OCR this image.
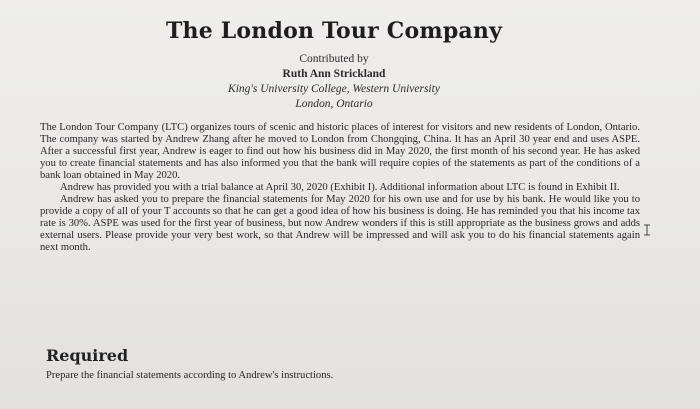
The London Tour Company
Contributed by
Ruth Ann Strickland
King's University College, Western University
London, Ontario

The London Tour Company (LTC) organizes tours of scenic and historic places of interest for visitors and new residents of London, Ontario. The company was started by Andrew Zhang after he moved to London from Chongqing, China. It has an April 30 year end and uses ASPE. After a successful first year, Andrew is eager to find out how his business did in May 2020, the first month of his second year. He has asked you to create financial statements and has also informed you that the bank will require copies of the statements as part of the conditions of a bank loan obtained in May 2020.

Andrew has provided you with a trial balance at April 30, 2020 (Exhibit I). Additional information about LTC is found in Exhibit II.

Andrew has asked you to prepare the financial statements for May 2020 for his own use and for use by his bank. He would like you to provide a copy of all of your T accounts so that he can get a good idea of how his business is doing. He has reminded you that his income tax rate is 30%. ASPE was used for the first year of business, but now Andrew wonders if this is still appropriate as the business grows and adds external users. Please provide your very best work, so that Andrew will be impressed and will ask you to do his financial statements again next month.

Required
Prepare the financial statements according to Andrew's instructions.
